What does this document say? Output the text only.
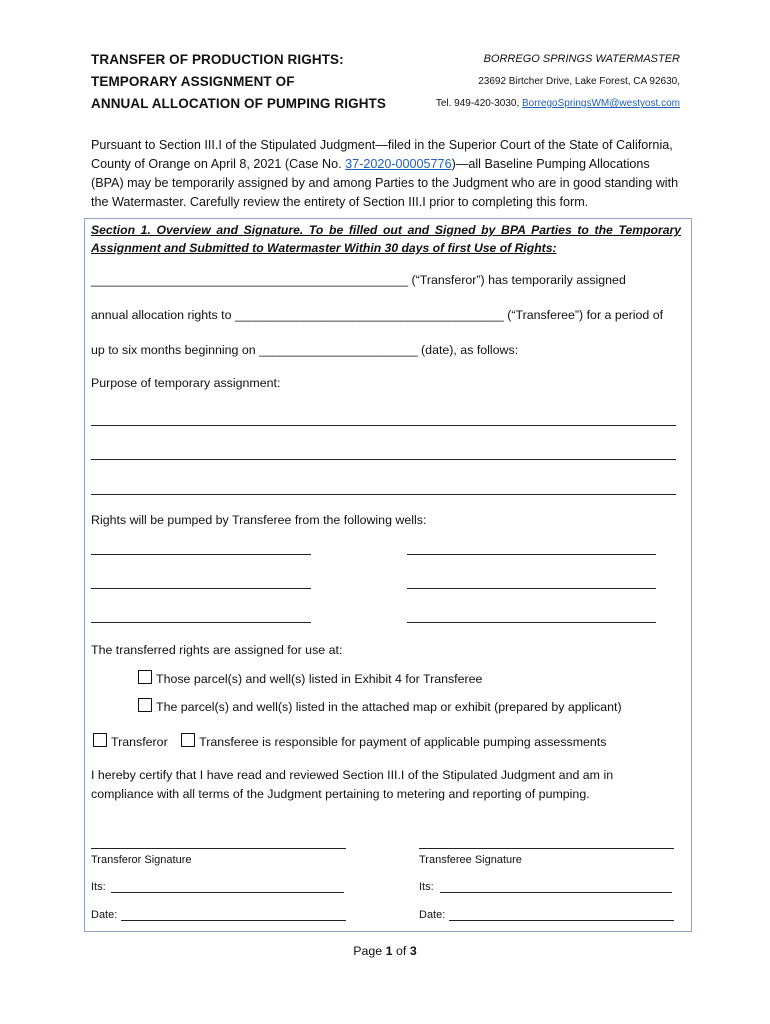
TRANSFER OF PRODUCTION RIGHTS:
TEMPORARY ASSIGNMENT OF
ANNUAL ALLOCATION OF PUMPING RIGHTS
BORREGO SPRINGS WATERMASTER
23692 Birtcher Drive, Lake Forest, CA 92630,
Tel. 949-420-3030, BorregoSpringsWM@westyost.com
Pursuant to Section III.I of the Stipulated Judgment—filed in the Superior Court of the State of California, County of Orange on April 8, 2021 (Case No. 37-2020-00005776)—all Baseline Pumping Allocations (BPA) may be temporarily assigned by and among Parties to the Judgment who are in good standing with the Watermaster. Carefully review the entirety of Section III.I prior to completing this form.
Section 1. Overview and Signature. To be filled out and Signed by BPA Parties to the Temporary Assignment and Submitted to Watermaster Within 30 days of first Use of Rights:
______________________________________________ (“Transferor”) has temporarily assigned
annual allocation rights to _______________________________________ (“Transferee”) for a period of
up to six months beginning on _______________________ (date), as follows:
Purpose of temporary assignment:
Rights will be pumped by Transferee from the following wells:
The transferred rights are assigned for use at:
Those parcel(s) and well(s) listed in Exhibit 4 for Transferee
The parcel(s) and well(s) listed in the attached map or exhibit (prepared by applicant)
Transferor	Transferee is responsible for payment of applicable pumping assessments
I hereby certify that I have read and reviewed Section III.I of the Stipulated Judgment and am in compliance with all terms of the Judgment pertaining to metering and reporting of pumping.
Transferor Signature	Transferee Signature
Its:	Its:
Date:	Date:
Page 1 of 3
